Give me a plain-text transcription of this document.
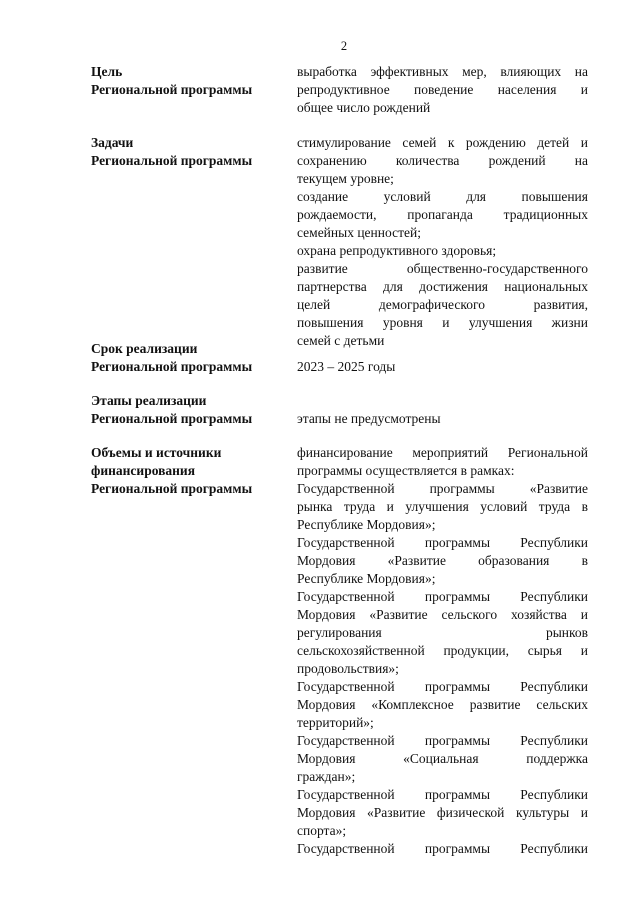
2
Цель
Региональной программы
выработка эффективных мер, влияющих на
репродуктивное поведение населения и
общее число рождений
Задачи
Региональной программы
стимулирование семей к рождению детей и
сохранению количества рождений на
текущем уровне;
создание условий для повышения
рождаемости, пропаганда традиционных
семейных ценностей;
охрана репродуктивного здоровья;
развитие общественно-государственного
партнерства для достижения национальных
целей демографического развития,
повышения уровня и улучшения жизни
семей с детьми
Срок реализации
Региональной программы	2023 – 2025 годы
Этапы реализации
Региональной программы	этапы не предусмотрены
Объемы и источники
финансирования
Региональной программы
финансирование мероприятий Региональной
программы осуществляется в рамках:
Государственной программы «Развитие
рынка труда и улучшения условий труда в
Республике Мордовия»;
Государственной программы Республики
Мордовия «Развитие образования в
Республике Мордовия»;
Государственной программы Республики
Мордовия «Развитие сельского хозяйства и
регулирования рынков
сельскохозяйственной продукции, сырья и
продовольствия»;
Государственной программы Республики
Мордовия «Комплексное развитие сельских
территорий»;
Государственной программы Республики
Мордовия «Социальная поддержка
граждан»;
Государственной программы Республики
Мордовия «Развитие физической культуры и
спорта»;
Государственной программы Республики
